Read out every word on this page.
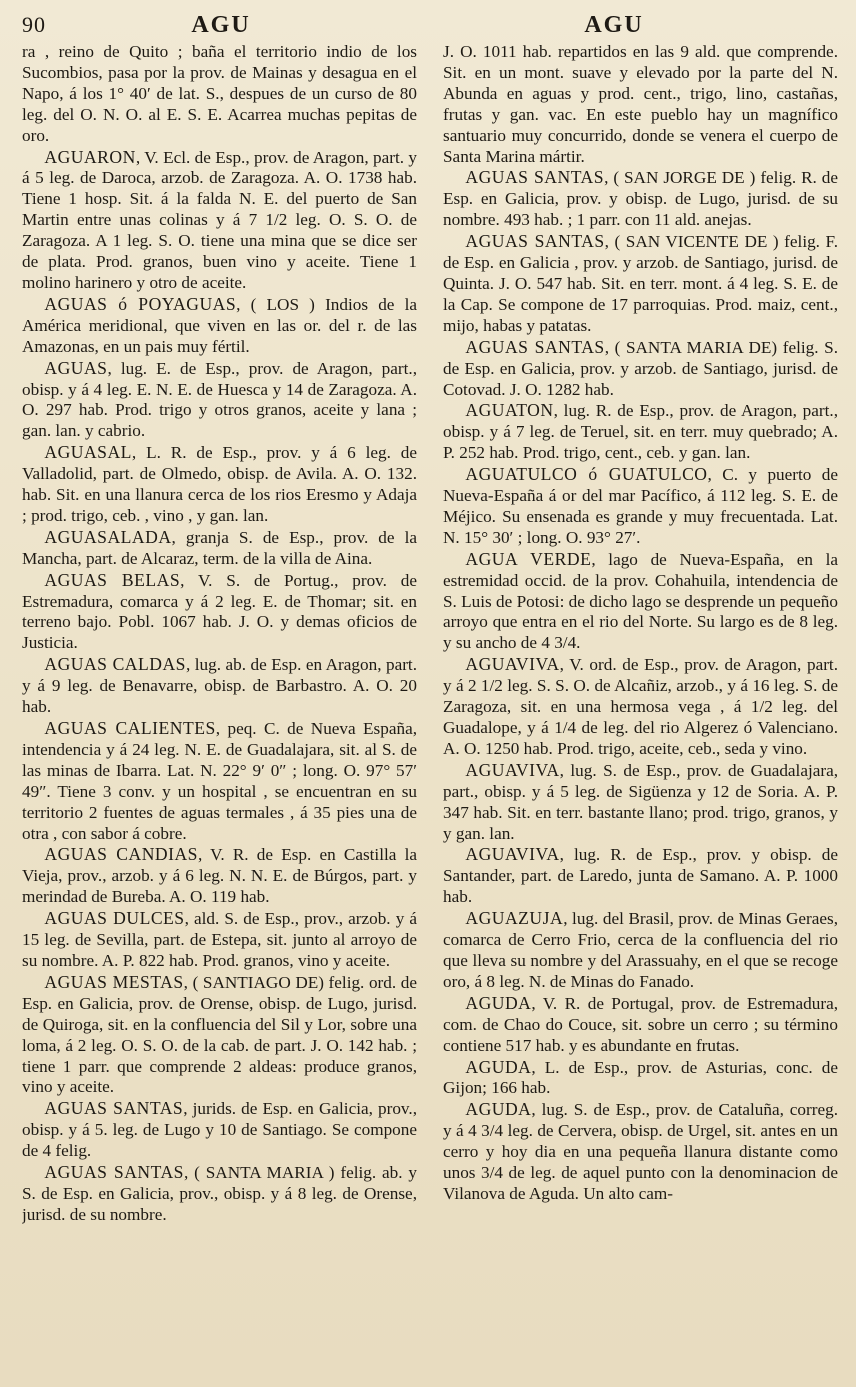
90	AGU	AGU

ra , reino de Quito ; baña el territorio indio de los Sucombios, pasa por la prov. de Mainas y desagua en el Napo, á los 1° 40′ de lat. S., despues de un curso de 80 leg. del O. N. O. al E. S. E. Acarrea muchas pepitas de oro.

AGUARON, V. Ecl. de Esp., prov. de Aragon, part. y á 5 leg. de Daroca, arzob. de Zaragoza. A. O. 1738 hab. Tiene 1 hosp. Sit. á la falda N. E. del puerto de San Martin entre unas colinas y á 7 1/2 leg. O. S. O. de Zaragoza. A 1 leg. S. O. tiene una mina que se dice ser de plata. Prod. granos, buen vino y aceite. Tiene 1 molino harinero y otro de aceite.

AGUAS ó POYAGUAS, ( LOS ) Indios de la América meridional, que viven en las or. del r. de las Amazonas, en un pais muy fértil.

AGUAS, lug. E. de Esp., prov. de Aragon, part., obisp. y á 4 leg. E. N. E. de Huesca y 14 de Zaragoza. A. O. 297 hab. Prod. trigo y otros granos, aceite y lana ; gan. lan. y cabrio.

AGUASAL, L. R. de Esp., prov. y á 6 leg. de Valladolid, part. de Olmedo, obisp. de Avila. A. O. 132. hab. Sit. en una llanura cerca de los rios Eresmo y Adaja ; prod. trigo, ceb. , vino , y gan. lan.

AGUASALADA, granja S. de Esp., prov. de la Mancha, part. de Alcaraz, term. de la villa de Aina.

AGUAS BELAS, V. S. de Portug., prov. de Estremadura, comarca y á 2 leg. E. de Thomar; sit. en terreno bajo. Pobl. 1067 hab. J. O. y demas oficios de Justicia.

AGUAS CALDAS, lug. ab. de Esp. en Aragon, part. y á 9 leg. de Benavarre, obisp. de Barbastro. A. O. 20 hab.

AGUAS CALIENTES, peq. C. de Nueva España, intendencia y á 24 leg. N. E. de Guadalajara, sit. al S. de las minas de Ibarra. Lat. N. 22° 9′ 0″ ; long. O. 97° 57′ 49″. Tiene 3 conv. y un hospital , se encuentran en su territorio 2 fuentes de aguas termales , á 35 pies una de otra , con sabor á cobre.

AGUAS CANDIAS, V. R. de Esp. en Castilla la Vieja, prov., arzob. y á 6 leg. N. N. E. de Búrgos, part. y merindad de Bureba. A. O. 119 hab.

AGUAS DULCES, ald. S. de Esp., prov., arzob. y á 15 leg. de Sevilla, part. de Estepa, sit. junto al arroyo de su nombre. A. P. 822 hab. Prod. granos, vino y aceite.

AGUAS MESTAS, ( SANTIAGO DE) felig. ord. de Esp. en Galicia, prov. de Orense, obisp. de Lugo, jurisd. de Quiroga, sit. en la confluencia del Sil y Lor, sobre una loma, á 2 leg. O. S. O. de la cab. de part. J. O. 142 hab. ; tiene 1 parr. que comprende 2 aldeas: produce granos, vino y aceite.

AGUAS SANTAS, jurids. de Esp. en Galicia, prov., obisp. y á 5. leg. de Lugo y 10 de Santiago. Se compone de 4 felig.

AGUAS SANTAS, ( SANTA MARIA ) felig. ab. y S. de Esp. en Galicia, prov., obisp. y á 8 leg. de Orense, jurisd. de su nombre.

J. O. 1011 hab. repartidos en las 9 ald. que comprende. Sit. en un mont. suave y elevado por la parte del N. Abunda en aguas y prod. cent., trigo, lino, castañas, frutas y gan. vac. En este pueblo hay un magnífico santuario muy concurrido, donde se venera el cuerpo de Santa Marina mártir.

AGUAS SANTAS, ( SAN JORGE DE ) felig. R. de Esp. en Galicia, prov. y obisp. de Lugo, jurisd. de su nombre. 493 hab. ; 1 parr. con 11 ald. anejas.

AGUAS SANTAS, ( SAN VICENTE DE ) felig. F. de Esp. en Galicia , prov. y arzob. de Santiago, jurisd. de Quinta. J. O. 547 hab. Sit. en terr. mont. á 4 leg. S. E. de la Cap. Se compone de 17 parroquias. Prod. maiz, cent., mijo, habas y patatas.

AGUAS SANTAS, ( SANTA MARIA DE) felig. S. de Esp. en Galicia, prov. y arzob. de Santiago, jurisd. de Cotovad. J. O. 1282 hab.

AGUATON, lug. R. de Esp., prov. de Aragon, part., obisp. y á 7 leg. de Teruel, sit. en terr. muy quebrado; A. P. 252 hab. Prod. trigo, cent., ceb. y gan. lan.

AGUATULCO ó GUATULCO, C. y puerto de Nueva-España á or del mar Pacífico, á 112 leg. S. E. de Méjico. Su ensenada es grande y muy frecuentada. Lat. N. 15° 30′ ; long. O. 93° 27′.

AGUA VERDE, lago de Nueva-España, en la estremidad occid. de la prov. Cohahuila, intendencia de S. Luis de Potosi: de dicho lago se desprende un pequeño arroyo que entra en el rio del Norte. Su largo es de 8 leg. y su ancho de 4 3/4.

AGUAVIVA, V. ord. de Esp., prov. de Aragon, part. y á 2 1/2 leg. S. S. O. de Alcañiz, arzob., y á 16 leg. S. de Zaragoza, sit. en una hermosa vega , á 1/2 leg. del Guadalope, y á 1/4 de leg. del rio Algerez ó Valenciano. A. O. 1250 hab. Prod. trigo, aceite, ceb., seda y vino.

AGUAVIVA, lug. S. de Esp., prov. de Guadalajara, part., obisp. y á 5 leg. de Sigüenza y 12 de Soria. A. P. 347 hab. Sit. en terr. bastante llano; prod. trigo, granos, y y gan. lan.

AGUAVIVA, lug. R. de Esp., prov. y obisp. de Santander, part. de Laredo, junta de Samano. A. P. 1000 hab.

AGUAZUJA, lug. del Brasil, prov. de Minas Geraes, comarca de Cerro Frio, cerca de la confluencia del rio que lleva su nombre y del Arassuahy, en el que se recoge oro, á 8 leg. N. de Minas do Fanado.

AGUDA, V. R. de Portugal, prov. de Estremadura, com. de Chao do Couce, sit. sobre un cerro ; su término contiene 517 hab. y es abundante en frutas.

AGUDA, L. de Esp., prov. de Asturias, conc. de Gijon; 166 hab.

AGUDA, lug. S. de Esp., prov. de Cataluña, correg. y á 4 3/4 leg. de Cervera, obisp. de Urgel, sit. antes en un cerro y hoy dia en una pequeña llanura distante como unos 3/4 de leg. de aquel punto con la denominacion de Vilanova de Aguda. Un alto cam-
